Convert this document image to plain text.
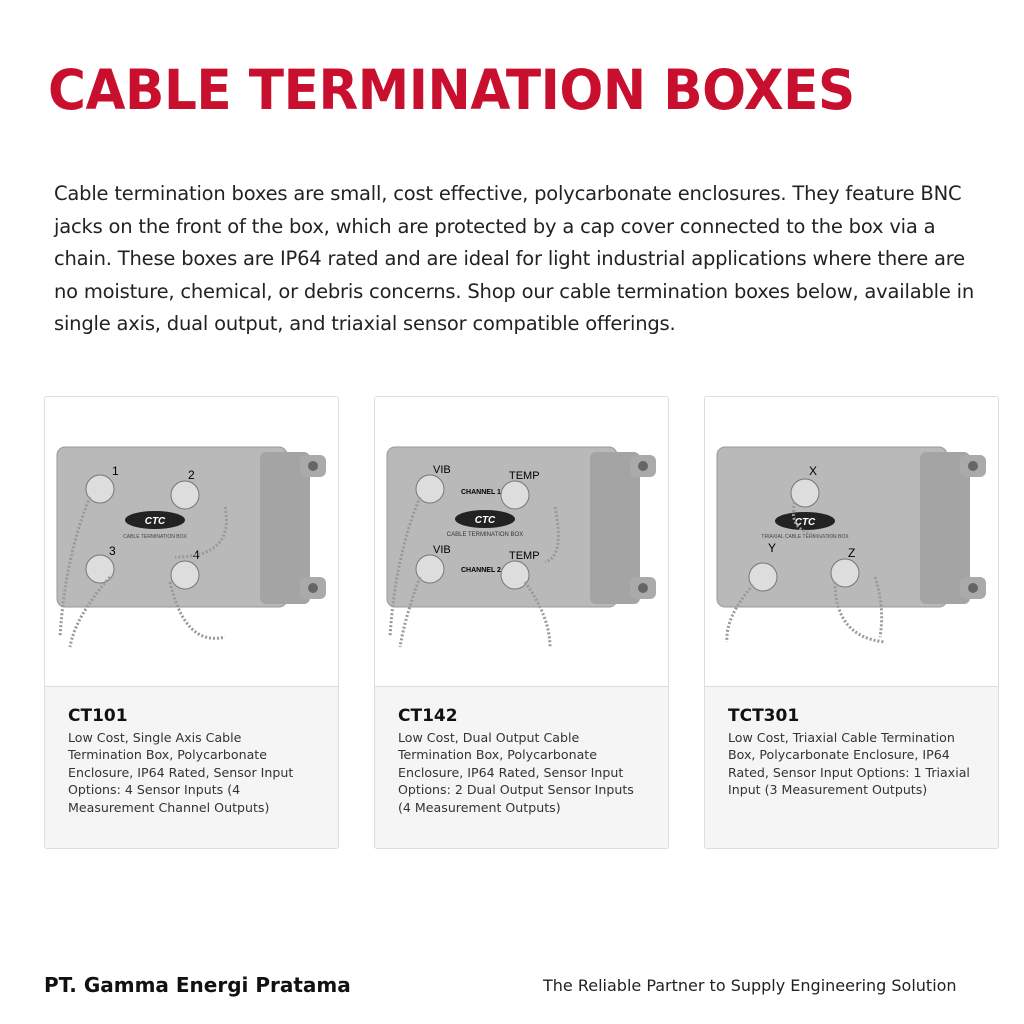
CABLE TERMINATION BOXES

Cable termination boxes are small, cost effective, polycarbonate enclosures. They feature BNC jacks on the front of the box, which are protected by a cap cover connected to the box via a chain. These boxes are IP64 rated and are ideal for light industrial applications where there are no moisture, chemical, or debris concerns. Shop our cable termination boxes below, available in single axis, dual output, and triaxial sensor compatible offerings.

1	2
3	4
CTC
CABLE TERMINATION BOX
CT101
Low Cost, Single Axis Cable Termination Box, Polycarbonate Enclosure, IP64 Rated, Sensor Input Options: 4 Sensor Inputs (4 Measurement Channel Outputs)
VIB	TEMP
VIB	TEMP
CHANNEL 1
CHANNEL 2
CTC
CABLE TERMINATION BOX
CT142
Low Cost, Dual Output Cable Termination Box, Polycarbonate Enclosure, IP64 Rated, Sensor Input Options: 2 Dual Output Sensor Inputs (4 Measurement Outputs)
X
Y	Z
CTC
TRIAXIAL CABLE TERMINATION BOX
TCT301
Low Cost, Triaxial Cable Termination Box, Polycarbonate Enclosure, IP64 Rated, Sensor Input Options: 1 Triaxial Input (3 Measurement Outputs)
PT. Gamma Energi Pratama	The Reliable Partner to Supply Engineering Solution
